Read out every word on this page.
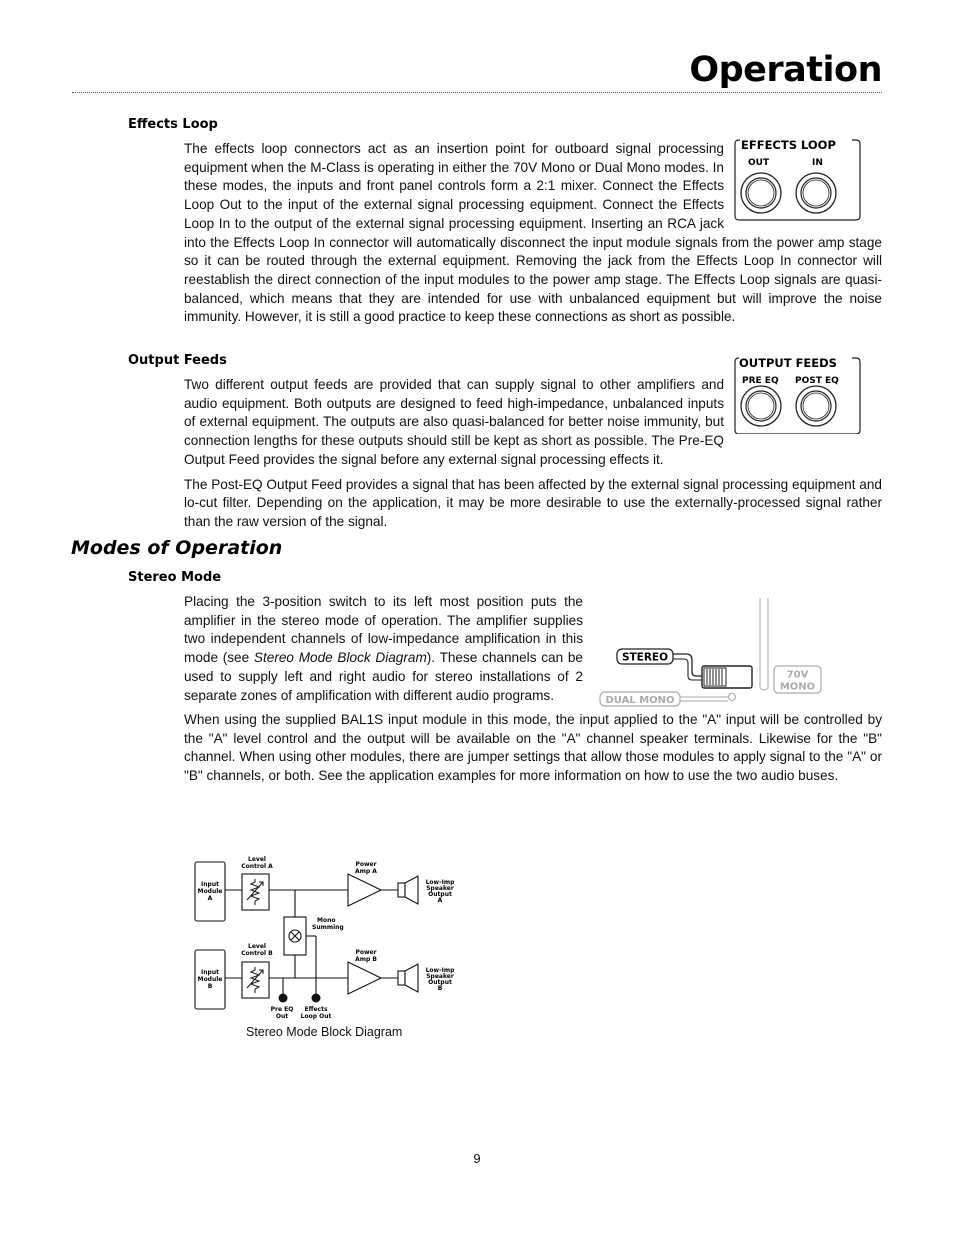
Operation
Effects Loop
EFFECTS LOOP
OUT	IN

The effects loop connectors act as an insertion point for outboard signal processing equipment when the M-Class is operating in either the 70V Mono or Dual Mono modes. In these modes, the inputs and front panel controls form a 2:1 mixer. Connect the Effects Loop Out to the input of the external signal processing equipment. Connect the Effects Loop In to the output of the external signal processing equipment. Inserting an RCA jack into the Effects Loop In connector will automatically disconnect the input module signals from the power amp stage so it can be routed through the external equipment. Removing the jack from the Effects Loop In connector will reestablish the direct connection of the input modules to the power amp stage. The Effects Loop signals are quasi-balanced, which means that they are intended for use with unbalanced equipment but will improve the noise immunity. However, it is still a good practice to keep these connections as short as possible.

Output Feeds	OUTPUT FEEDS
PRE EQ POST EQ

Two different output feeds are provided that can supply signal to other amplifiers and audio equipment. Both outputs are designed to feed high-impedance, unbalanced inputs of external equipment. The outputs are also quasi-balanced for better noise immunity, but connection lengths for these outputs should still be kept as short as possible. The Pre-EQ Output Feed provides the signal before any external signal processing effects it.

The Post-EQ Output Feed provides a signal that has been affected by the external signal processing equipment and lo-cut filter. Depending on the application, it may be more desirable to use the externally-processed signal rather than the raw version of the signal.

Modes of Operation
Stereo Mode

Placing the 3-position switch to its left most position puts the amplifier in the stereo mode of operation. The amplifier supplies two independent channels of low-impedance amplification in this mode (see Stereo Mode Block Diagram). These channels can be used to supply left and right audio for stereo installations of 2 separate zones of amplification with different audio programs.

STEREO
DUAL MONO
70V
MONO
When using the supplied BAL1S input module in this mode, the input applied to the "A" input will be controlled by the "A" level control and the output will be available on the "A" channel speaker terminals. Likewise for the "B" channel. When using other modules, there are jumper settings that allow those modules to apply signal to the "A" or "B" channels, or both. See the application examples for more information on how to use the two audio buses.
Input
Module
A
Input
Module
B
Level
Control A
Level
Control B
Power
Amp A
Power
Amp B
Low-Imp
Speaker
Output
A
Low-Imp
Speaker
Output
B
Pre EQ
Out
Effects
Loop Out
Mono
Summing
Stereo Mode Block Diagram
9
